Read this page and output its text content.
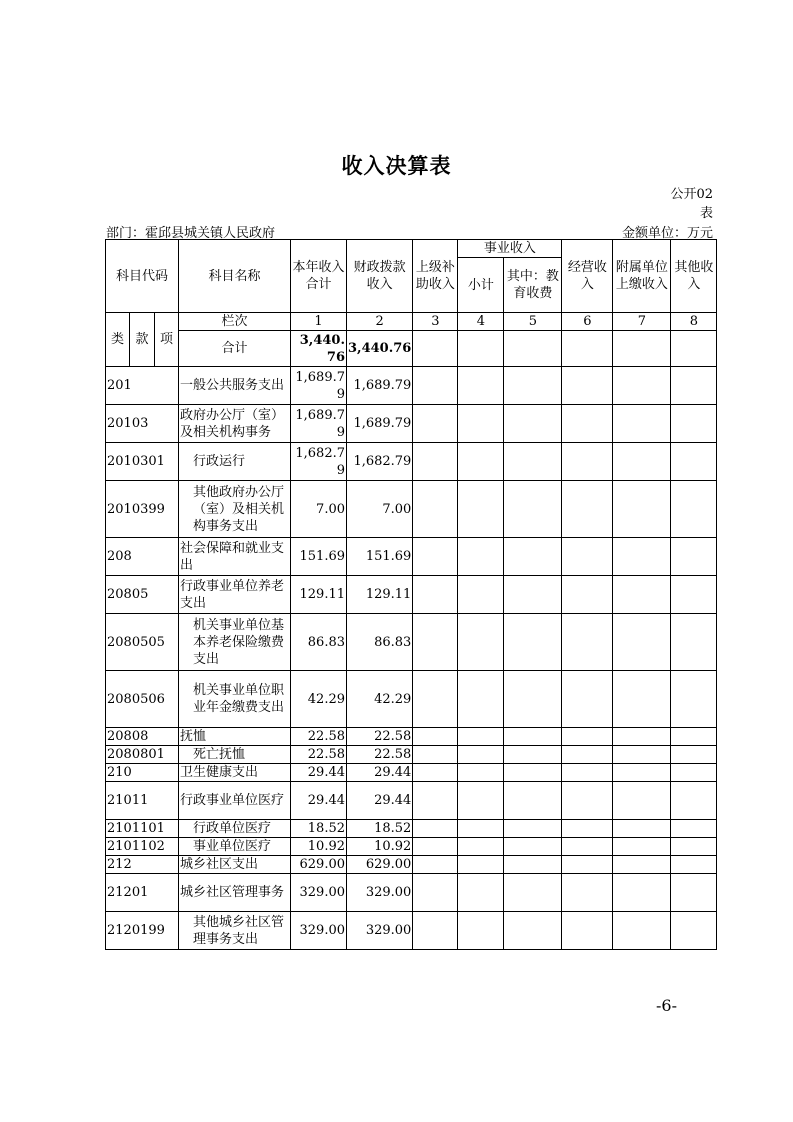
收入决算表
公开02
表
部门：霍邱县城关镇人民政府	金额单位：万元
科目代码			科目名称	本年收入合计	财政拨款收入	上级补助收入	事业收入		经营收入	附属单位上缴收入	其他收入
							小计	其中：教育收费			

类	款	项	栏次	1	2	3	4	5	6	7	8
			合计	3,440.76	3,440.76						
201			一般公共服务支出	1,689.79	1,689.79						
20103			政府办公厅（室）及相关机构事务	1,689.79	1,689.79						
2010301			行政运行	1,682.79	1,682.79						
2010399			其他政府办公厅（室）及相关机构事务支出	7.00	7.00						
208			社会保障和就业支出	151.69	151.69						
20805			行政事业单位养老支出	129.11	129.11						
2080505			机关事业单位基本养老保险缴费支出	86.83	86.83						
2080506			机关事业单位职业年金缴费支出	42.29	42.29						
20808			抚恤	22.58	22.58						
2080801			死亡抚恤	22.58	22.58						
210			卫生健康支出	29.44	29.44						
21011			行政事业单位医疗	29.44	29.44						
2101101			行政单位医疗	18.52	18.52						
2101102			事业单位医疗	10.92	10.92						
212			城乡社区支出	629.00	629.00						
21201			城乡社区管理事务	329.00	329.00						
2120199			其他城乡社区管理事务支出	329.00	329.00						
-6-
